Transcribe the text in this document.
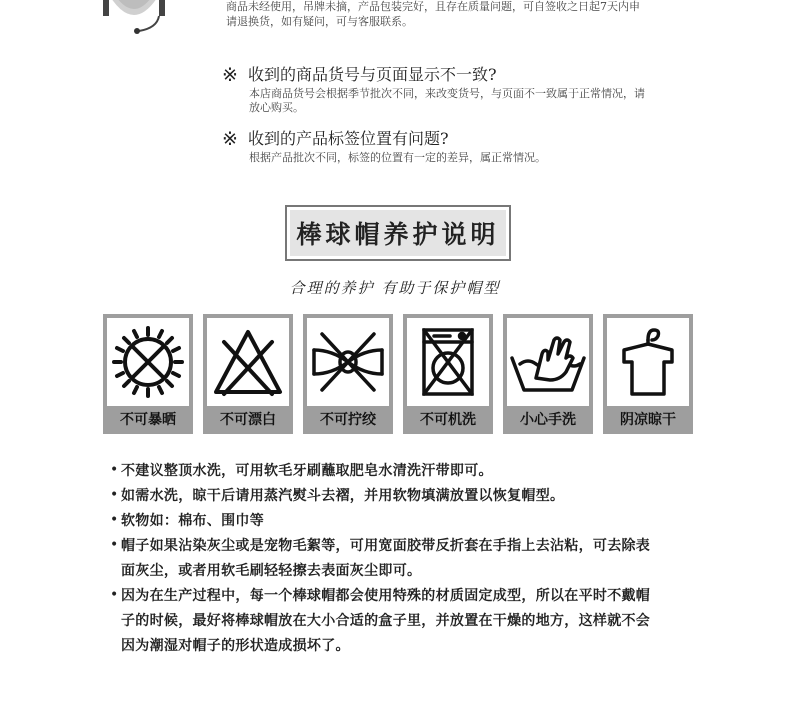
商品未经使用，吊牌未摘，产品包装完好，且存在质量问题，可自签收之日起7天内申
请退换货，如有疑问，可与客服联系。
※ 收到的商品货号与页面显示不一致?
本店商品货号会根据季节批次不同，来改变货号，与页面不一致属于正常情况，请
放心购买。
※ 收到的产品标签位置有问题?
根据产品批次不同，标签的位置有一定的差异，属正常情况。
棒球帽养护说明
合理的养护 有助于保护帽型
不可暴晒	不可漂白	不可拧绞	不可机洗	小心手洗	阴凉晾干
• 不建议整顶水洗，可用软毛牙刷蘸取肥皂水清洗汗带即可。
• 如需水洗，晾干后请用蒸汽熨斗去褶，并用软物填满放置以恢复帽型。
• 软物如：棉布、围巾等
• 帽子如果沾染灰尘或是宠物毛絮等，可用宽面胶带反折套在手指上去沾粘，可去除表
面灰尘，或者用软毛刷轻轻擦去表面灰尘即可。
• 因为在生产过程中，每一个棒球帽都会使用特殊的材质固定成型，所以在平时不戴帽
子的时候，最好将棒球帽放在大小合适的盒子里，并放置在干燥的地方，这样就不会
因为潮湿对帽子的形状造成损坏了。
